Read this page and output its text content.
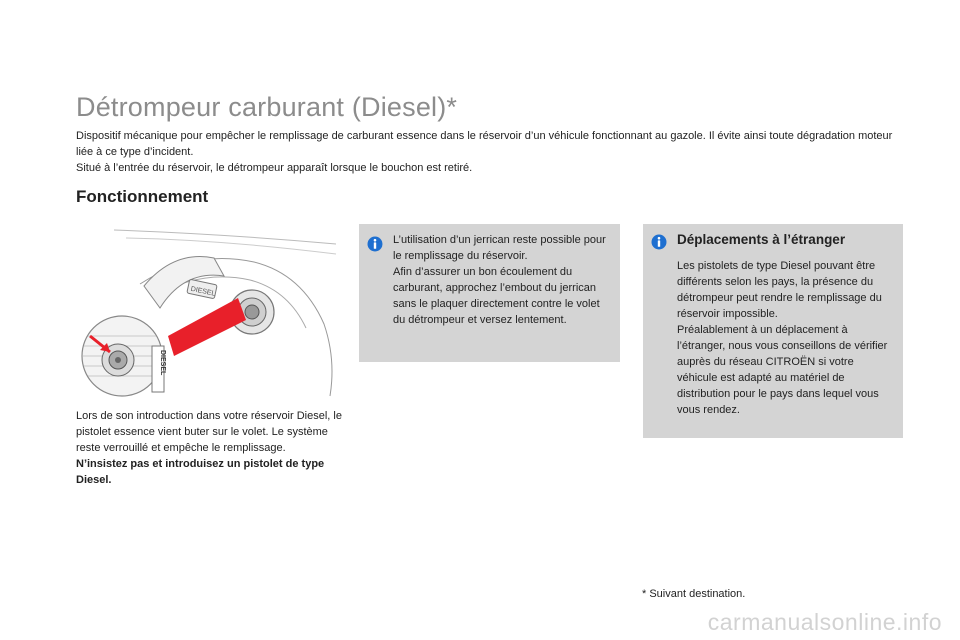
Détrompeur carburant (Diesel)*

Dispositif mécanique pour empêcher le remplissage de carburant essence dans le réservoir d’un véhicule fonctionnant au gazole. Il évite ainsi toute dégradation moteur liée à ce type d’incident.

Situé à l’entrée du réservoir, le détrompeur apparaît lorsque le bouchon est retiré.

Fonctionnement
DIESEL
DIESEL

Lors de son introduction dans votre réservoir Diesel, le pistolet essence vient buter sur le volet. Le système reste verrouillé et empêche le remplissage.

N’insistez pas et introduisez un pistolet de type Diesel.

L’utilisation d’un jerrican reste possible pour le remplissage du réservoir.

Afin d’assurer un bon écoulement du carburant, approchez l’embout du jerrican sans le plaquer directement contre le volet du détrompeur et versez lentement.

Déplacements à l’étranger

Les pistolets de type Diesel pouvant être différents selon les pays, la présence du détrompeur peut rendre le remplissage du réservoir impossible.

Préalablement à un déplacement à l’étranger, nous vous conseillons de vérifier auprès du réseau CITROËN si votre véhicule est adapté au matériel de distribution pour le pays dans lequel vous vous rendez.

* Suivant destination.
carmanualsonline.info
